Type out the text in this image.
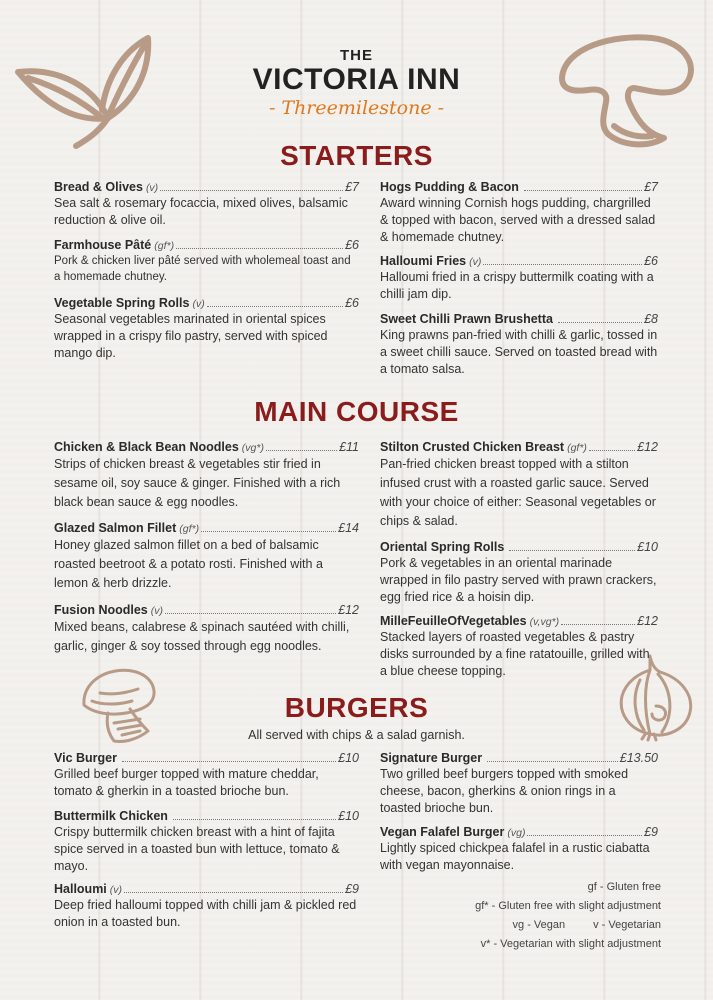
THE
VICTORIA INN
- Threemilestone -
STARTERS
Bread & Olives (v)	£7
Sea salt & rosemary focaccia, mixed olives, balsamic reduction & olive oil.
Farmhouse Pâté (gf*)	£6
Pork & chicken liver pâté served with wholemeal toast and a homemade chutney.
Vegetable Spring Rolls (v)	£6
Seasonal vegetables marinated in oriental spices wrapped in a crispy filo pastry, served with spiced mango dip.
Hogs Pudding & Bacon	£7
Award winning Cornish hogs pudding, chargrilled & topped with bacon, served with a dressed salad & homemade chutney.
Halloumi Fries (v)	£6
Halloumi fried in a crispy buttermilk coating with a chilli jam dip.
Sweet Chilli Prawn Brushetta	£8
King prawns pan-fried with chilli & garlic, tossed in a sweet chilli sauce. Served on toasted bread with a tomato salsa.
MAIN COURSE
Chicken & Black Bean Noodles (vg*)	£11
Strips of chicken breast & vegetables stir fried in sesame oil, soy sauce & ginger. Finished with a rich black bean sauce & egg noodles.
Glazed Salmon Fillet (gf*)	£14
Honey glazed salmon fillet on a bed of balsamic roasted beetroot & a potato rosti. Finished with a lemon & herb drizzle.
Fusion Noodles (v)	£12
Mixed beans, calabrese & spinach sautéed with chilli, garlic, ginger & soy tossed through egg noodles.
Stilton Crusted Chicken Breast (gf*)	£12
Pan-fried chicken breast topped with a stilton infused crust with a roasted garlic sauce. Served with your choice of either: Seasonal vegetables or chips & salad.
Oriental Spring Rolls	£10
Pork & vegetables in an oriental marinade wrapped in filo pastry served with prawn crackers, egg fried rice & a hoisin dip.
MilleFeuilleOfVegetables (v,vg*)	£12
Stacked layers of roasted vegetables & pastry disks surrounded by a fine ratatouille, grilled with a blue cheese topping.
BURGERS
All served with chips & a salad garnish.
Vic Burger	£10
Grilled beef burger topped with mature cheddar, tomato & gherkin in a toasted brioche bun.
Buttermilk Chicken	£10
Crispy buttermilk chicken breast with a hint of fajita spice served in a toasted bun with lettuce, tomato & mayo.
Halloumi (v)	£9
Deep fried halloumi topped with chilli jam & pickled red onion in a toasted bun.
Signature Burger	£13.50
Two grilled beef burgers topped with smoked cheese, bacon, gherkins & onion rings in a toasted brioche bun.
Vegan Falafel Burger (vg)	£9
Lightly spiced chickpea falafel in a rustic ciabatta with vegan mayonnaise.
gf - Gluten free
gf* - Gluten free with slight adjustment
vg - Vegan	v - Vegetarian
v* - Vegetarian with slight adjustment
